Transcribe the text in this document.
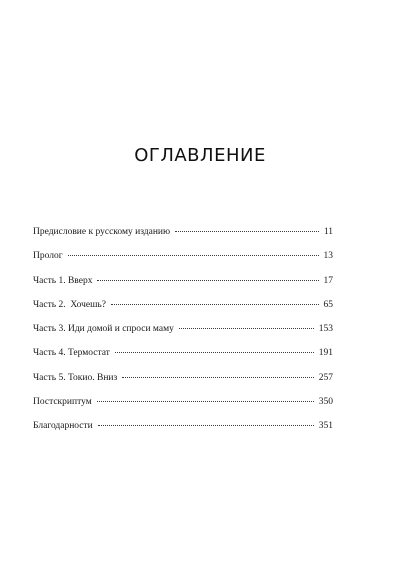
ОГЛАВЛЕНИЕ
Предисловие к русскому изданию	11
Пролог	13
Часть 1. Вверх	17
Часть 2.  Хочешь?	65
Часть 3. Иди домой и спроси маму	153
Часть 4. Термостат	191
Часть 5. Токио. Вниз	257
Постскриптум	350
Благодарности	351
